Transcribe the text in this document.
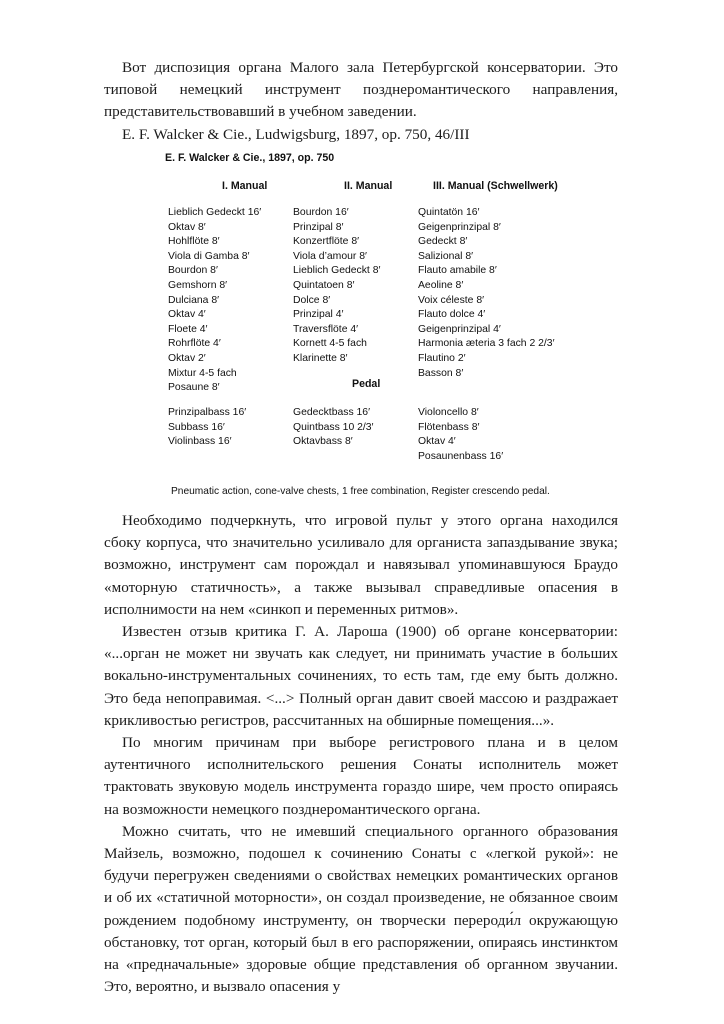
Вот диспозиция органа Малого зала Петербургской консерватории. Это типовой немецкий инструмент позднеромантического направления, представительствовавший в учебном заведении.

E. F. Walcker & Cie., Ludwigsburg, 1897, op. 750, 46/III

E. F. Walcker & Cie., 1897, op. 750
I. Manual	II. Manual	III. Manual (Schwellwerk)
Lieblich Gedeckt 16′
Oktav 8′
Hohlflöte 8′
Viola di Gamba 8′
Bourdon 8′
Gemshorn 8′
Dulciana 8′
Oktav 4′
Floete 4′
Rohrflöte 4′
Oktav 2′
Mixtur 4-5 fach
Posaune 8′
Bourdon 16′
Prinzipal 8′
Konzertflöte 8′
Viola d’amour 8′
Lieblich Gedeckt 8′
Quintatoen 8′
Dolce 8′
Prinzipal 4′
Traversflöte 4′
Kornett 4-5 fach
Klarinette 8′
Quintatön 16′
Geigenprinzipal 8′
Gedeckt 8′
Salizional 8′
Flauto amabile 8′
Aeoline 8′
Voix céleste 8′
Flauto dolce 4′
Geigenprinzipal 4′
Harmonia æteria 3 fach 2 2/3′
Flautino 2′
Basson 8′
Pedal
Prinzipalbass 16′
Subbass 16′
Violinbass 16′
Gedecktbass 16′
Quintbass 10 2/3′
Oktavbass 8′
Violoncello 8′
Flötenbass 8′
Oktav 4′
Posaunenbass 16′
Pneumatic action, cone-valve chests, 1 free combination, Register crescendo pedal.

Необходимо подчеркнуть, что игровой пульт у этого органа находился сбоку корпуса, что значительно усиливало для органиста запаздывание звука; возможно, инструмент сам порождал и навязывал упоминавшуюся Браудо «моторную статичность», а также вызывал справедливые опасения в исполнимости на нем «синкоп и переменных ритмов».

Известен отзыв критика Г. А. Лароша (1900) об органе консерватории: «...орган не может ни звучать как следует, ни принимать участие в больших вокально-инструментальных сочинениях, то есть там, где ему быть должно. Это беда непоправимая. <...> Полный орган давит своей массою и раздражает крикливостью регистров, рассчитанных на обширные помещения...».

По многим причинам при выборе регистрового плана и в целом аутентичного исполнительского решения Сонаты исполнитель может трактовать звуковую модель инструмента гораздо шире, чем просто опираясь на возможности немецкого позднеромантического органа.

Можно считать, что не имевший специального органного образования Майзель, возможно, подошел к сочинению Сонаты с «легкой рукой»: не будучи перегружен сведениями о свойствах немецких романтических органов и об их «статичной моторности», он создал произведение, не обязанное своим рождением подобному инструменту, он творчески перероди́л окружающую обстановку, тот орган, который был в его распоряжении, опираясь инстинктом на «предначальные» здоровые общие представления об органном звучании. Это, вероятно, и вызвало опасения у
